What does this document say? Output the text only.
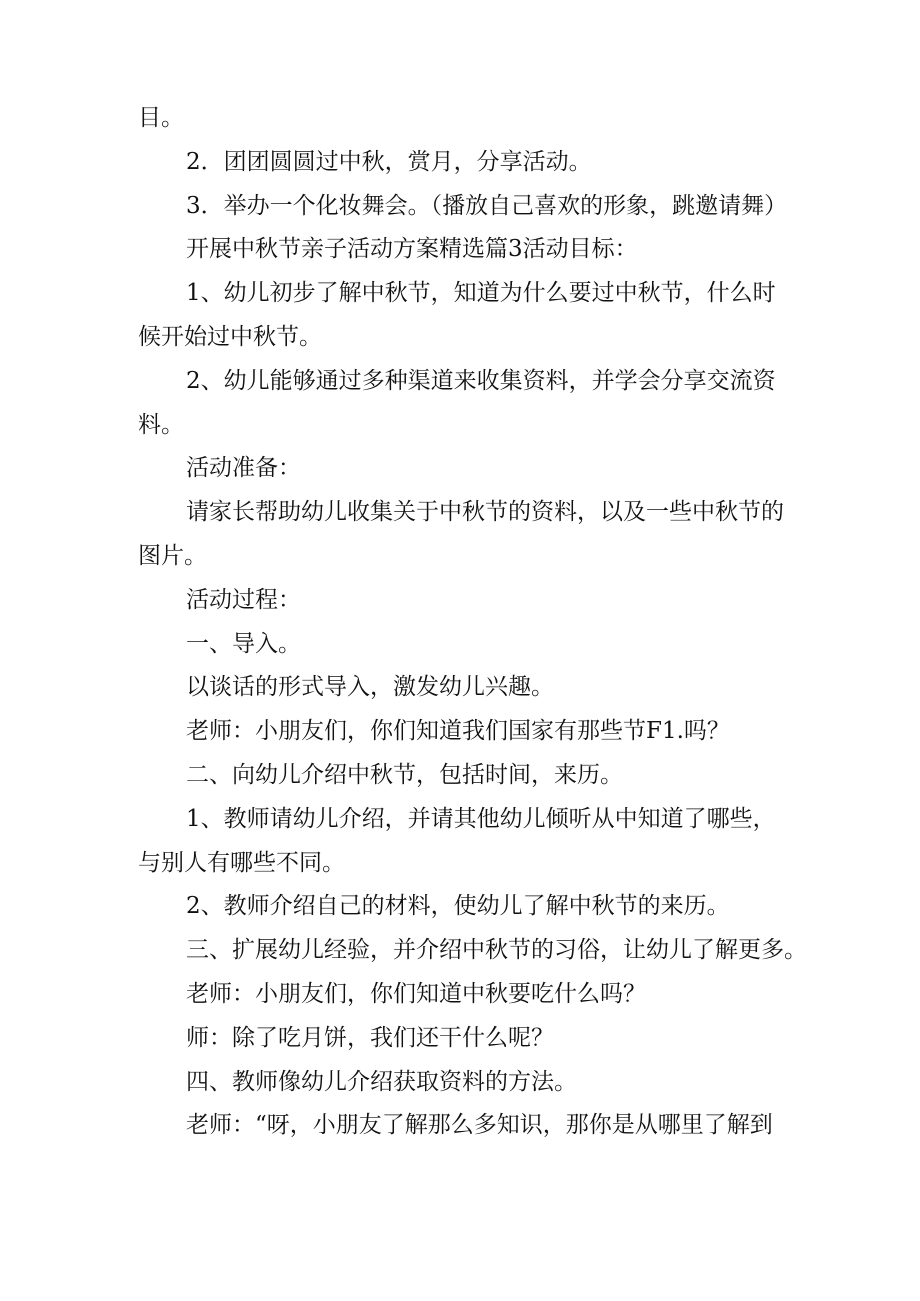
目。
2．团团圆圆过中秋，赏月，分享活动。
3．举办一个化妆舞会。（播放自己喜欢的形象，跳邀请舞）
开展中秋节亲子活动方案精选篇3活动目标：
1、幼儿初步了解中秋节，知道为什么要过中秋节，什么时
候开始过中秋节。
2、幼儿能够通过多种渠道来收集资料，并学会分享交流资
料。
活动准备：
请家长帮助幼儿收集关于中秋节的资料，以及一些中秋节的
图片。
活动过程：
一、导入。
以谈话的形式导入，激发幼儿兴趣。
老师：小朋友们，你们知道我们国家有那些节F1.吗？
二、向幼儿介绍中秋节，包括时间，来历。
1、教师请幼儿介绍，并请其他幼儿倾听从中知道了哪些，
与别人有哪些不同。
2、教师介绍自己的材料，使幼儿了解中秋节的来历。
三、扩展幼儿经验，并介绍中秋节的习俗，让幼儿了解更多。
老师：小朋友们，你们知道中秋要吃什么吗？
师：除了吃月饼，我们还干什么呢？
四、教师像幼儿介绍获取资料的方法。
老师：“呀，小朋友了解那么多知识，那你是从哪里了解到
